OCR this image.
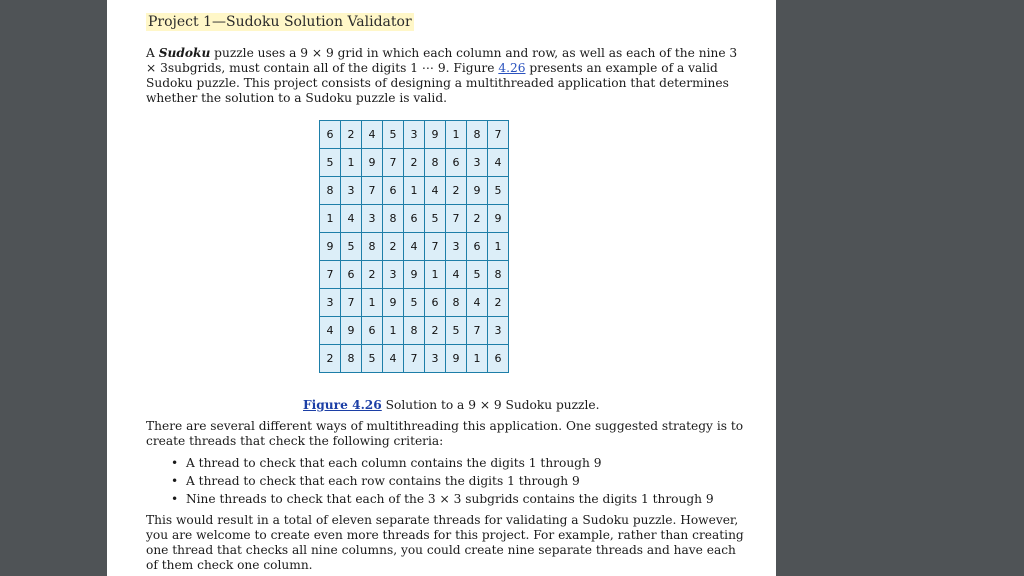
Project 1—Sudoku Solution Validator

A Sudoku puzzle uses a 9 × 9 grid in which each column and row, as well as each of the nine 3 × 3subgrids, must contain all of the digits 1 ⋯ 9. Figure 4.26 presents an example of a valid Sudoku puzzle. This project consists of designing a multithreaded application that determines whether the solution to a Sudoku puzzle is valid.

6	2	4	5	3	9	1	8	7
5	1	9	7	2	8	6	3	4
8	3	7	6	1	4	2	9	5
1	4	3	8	6	5	7	2	9
9	5	8	2	4	7	3	6	1
7	6	2	3	9	1	4	5	8
3	7	1	9	5	6	8	4	2
4	9	6	1	8	2	5	7	3
2	8	5	4	7	3	9	1	6
Figure 4.26 Solution to a 9 × 9 Sudoku puzzle.

There are several different ways of multithreading this application. One suggested strategy is to create threads that check the following criteria:

• A thread to check that each column contains the digits 1 through 9
• A thread to check that each row contains the digits 1 through 9
• Nine threads to check that each of the 3 × 3 subgrids contains the digits 1 through 9

This would result in a total of eleven separate threads for validating a Sudoku puzzle. However, you are welcome to create even more threads for this project. For example, rather than creating one thread that checks all nine columns, you could create nine separate threads and have each of them check one column.
